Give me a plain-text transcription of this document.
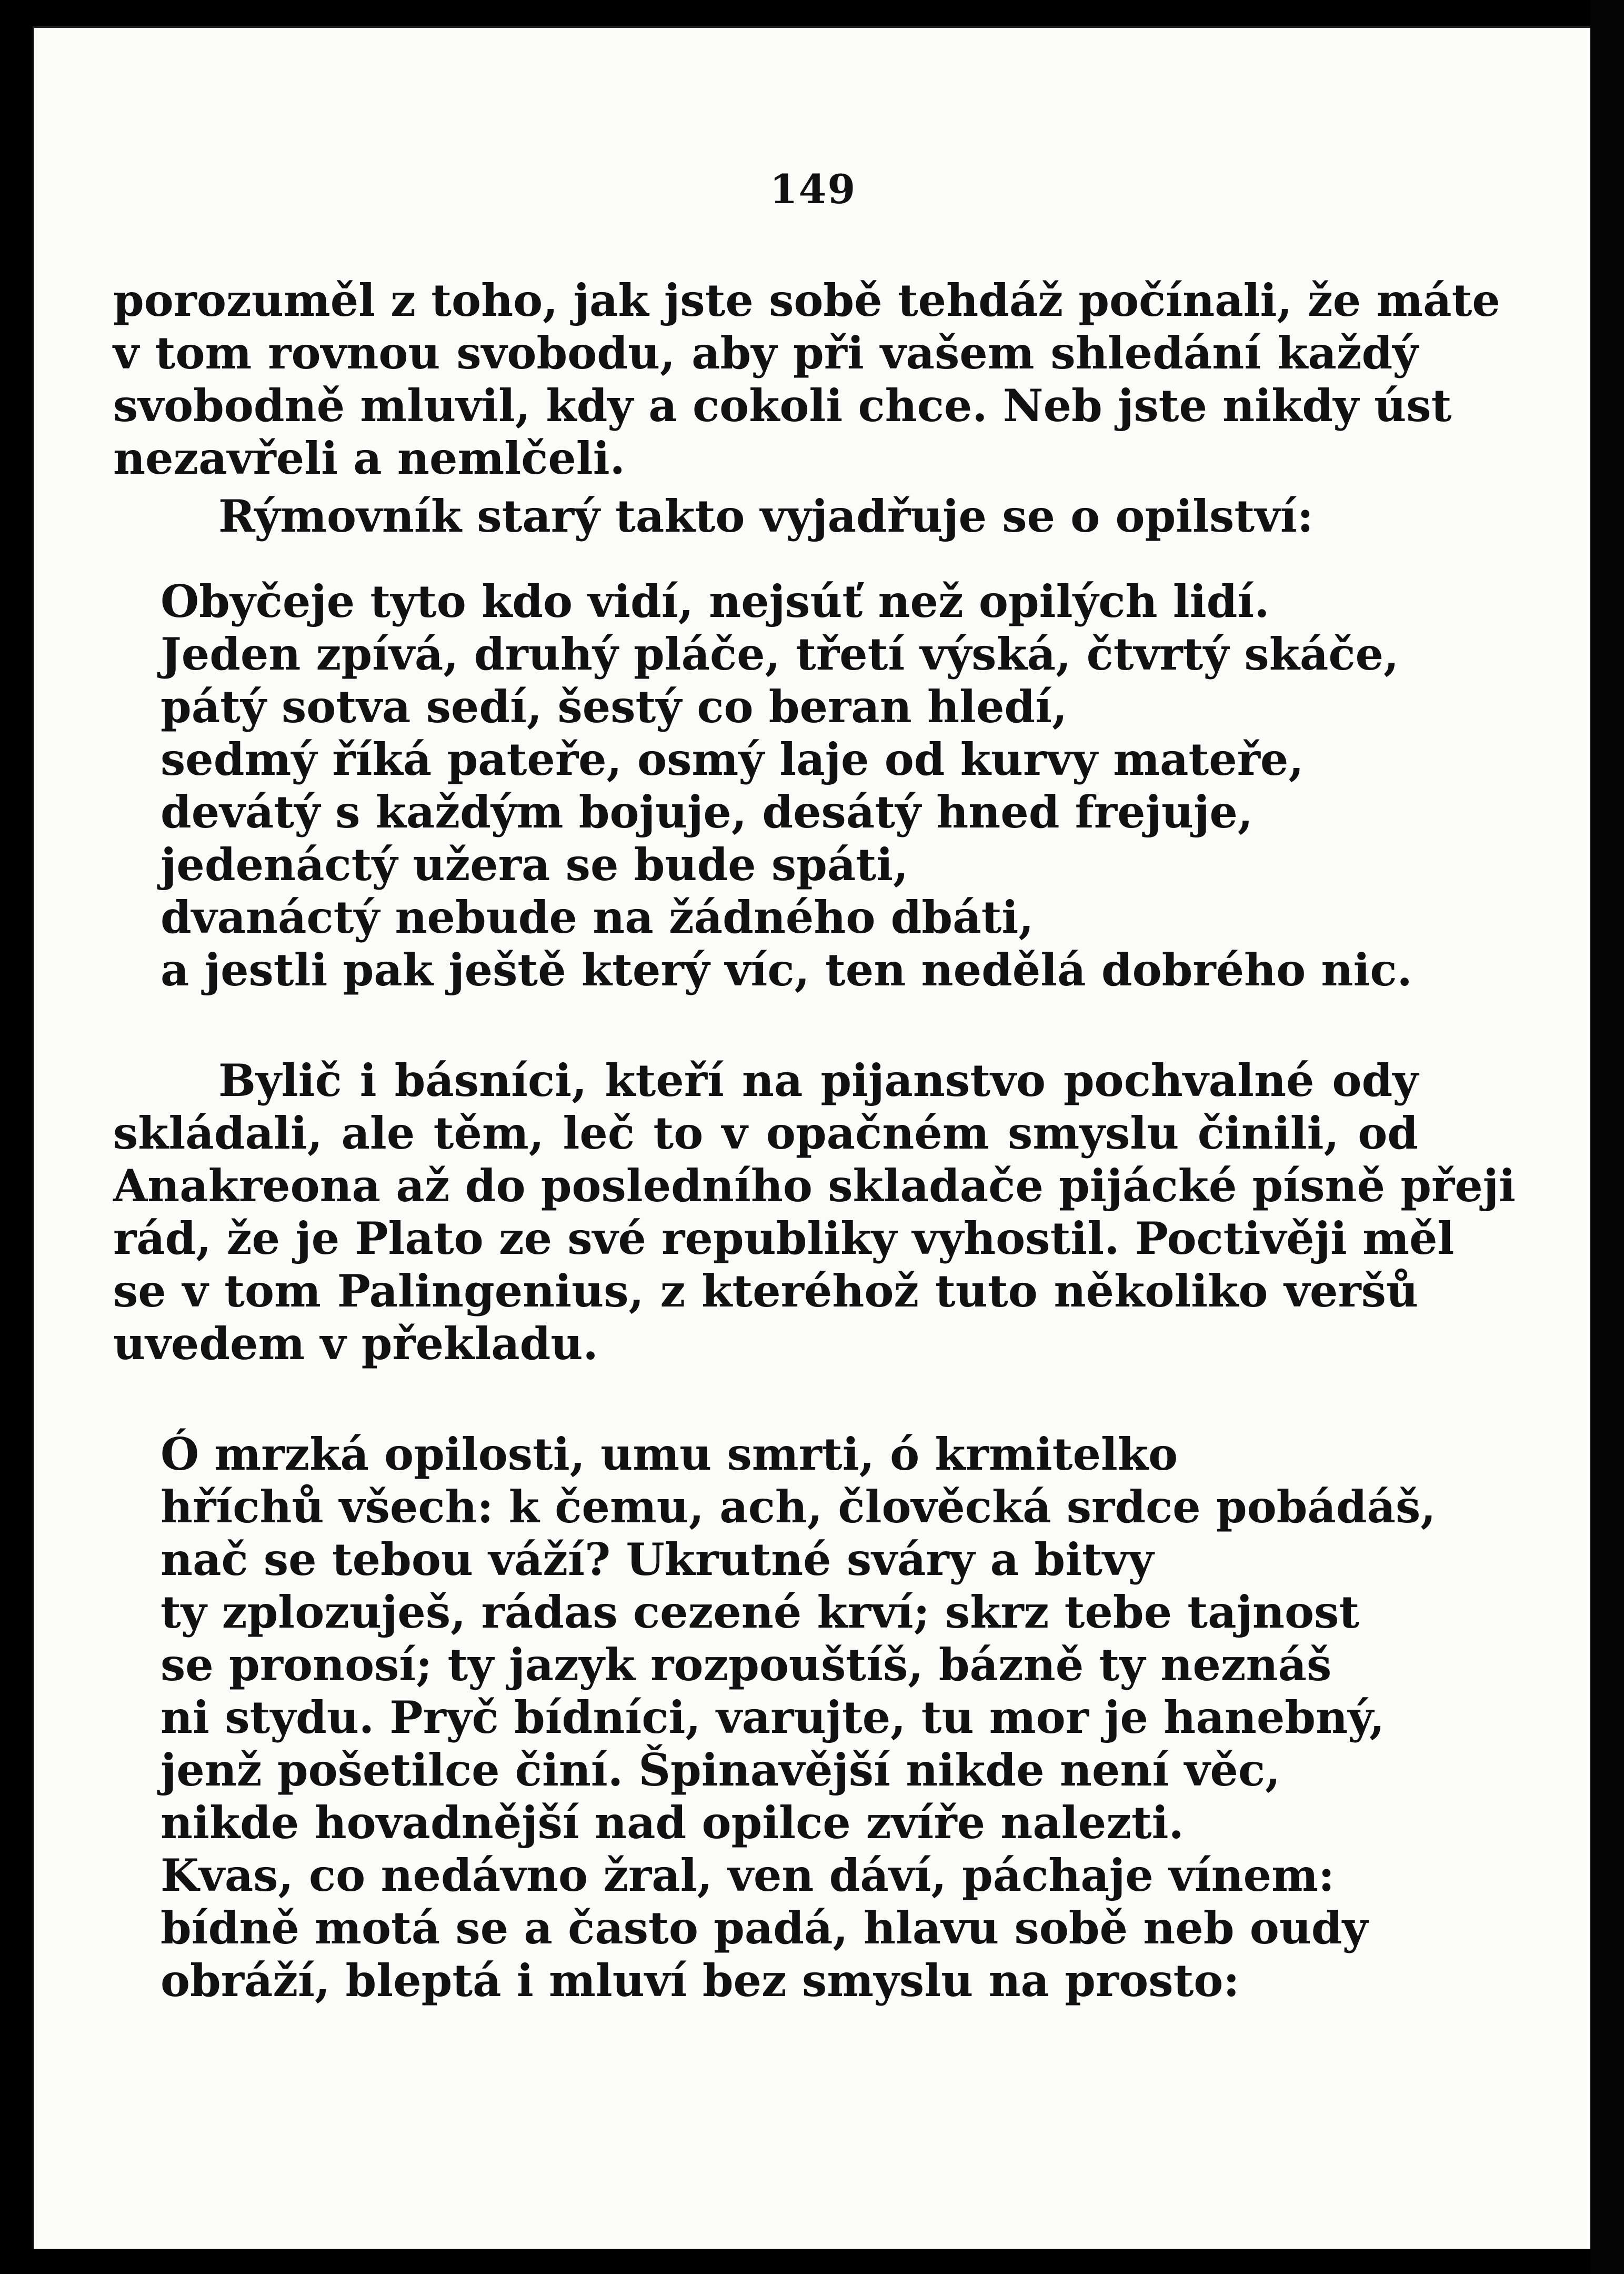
149
porozuměl z toho, jak jste sobě tehdáž počínali, že máte
v tom rovnou svobodu, aby při vašem shledání každý
svobodně mluvil, kdy a cokoli chce. Neb jste nikdy úst
nezavřeli a nemlčeli.
Rýmovník starý takto vyjadřuje se o opilství:
Obyčeje tyto kdo vidí, nejsúť než opilých lidí.
Jeden zpívá, druhý pláče, třetí výská, čtvrtý skáče,
pátý sotva sedí, šestý co beran hledí,
sedmý říká pateře, osmý laje od kurvy mateře,
devátý s každým bojuje, desátý hned frejuje,
jedenáctý užera se bude spáti,
dvanáctý nebude na žádného dbáti,
a jestli pak ještě který víc, ten nedělá dobrého nic.
Bylič i básníci, kteří na pijanstvo pochvalné ody
skládali, ale těm, leč to v opačném smyslu činili, od
Anakreona až do posledního skladače pijácké písně přeji
rád, že je Plato ze své republiky vyhostil. Poctivěji měl
se v tom Palingenius, z kteréhož tuto několiko veršů
uvedem v překladu.
Ó mrzká opilosti, umu smrti, ó krmitelko
hříchů všech: k čemu, ach, člověcká srdce pobádáš,
nač se tebou váží? Ukrutné sváry a bitvy
ty zplozuješ, rádas cezené krví; skrz tebe tajnost
se pronosí; ty jazyk rozpouštíš, bázně ty neznáš
ni stydu. Pryč bídníci, varujte, tu mor je hanebný,
jenž pošetilce činí. Špinavější nikde není věc,
nikde hovadnější nad opilce zvíře nalezti.
Kvas, co nedávno žral, ven dáví, páchaje vínem:
bídně motá se a často padá, hlavu sobě neb oudy
obráží, bleptá i mluví bez smyslu na prosto:
